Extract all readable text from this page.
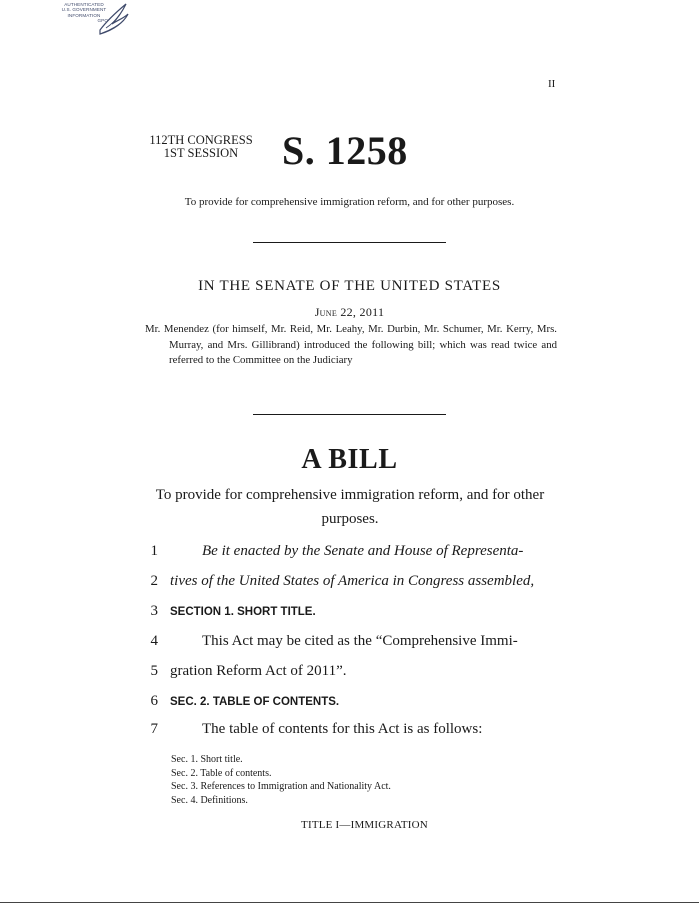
AUTHENTICATED
U.S. GOVERNMENT
INFORMATION
GPO
II
112TH CONGRESS
1ST SESSION	S. 1258
To provide for comprehensive immigration reform, and for other purposes.
IN THE SENATE OF THE UNITED STATES
June 22, 2011
Mr. Menendez (for himself, Mr. Reid, Mr. Leahy, Mr. Durbin, Mr. Schumer, Mr. Kerry, Mrs. Murray, and Mrs. Gillibrand) introduced the following bill; which was read twice and referred to the Committee on the Judiciary
A BILL
To provide for comprehensive immigration reform, and for other purposes.
1	Be it enacted by the Senate and House of Representa-
2 tives of the United States of America in Congress assembled,
3 SECTION 1. SHORT TITLE.
4	This Act may be cited as the “Comprehensive Immi-
5 gration Reform Act of 2011”.
6 SEC. 2. TABLE OF CONTENTS.
7	The table of contents for this Act is as follows:
Sec. 1. Short title.
Sec. 2. Table of contents.
Sec. 3. References to Immigration and Nationality Act.
Sec. 4. Definitions.
TITLE I—IMMIGRATION
